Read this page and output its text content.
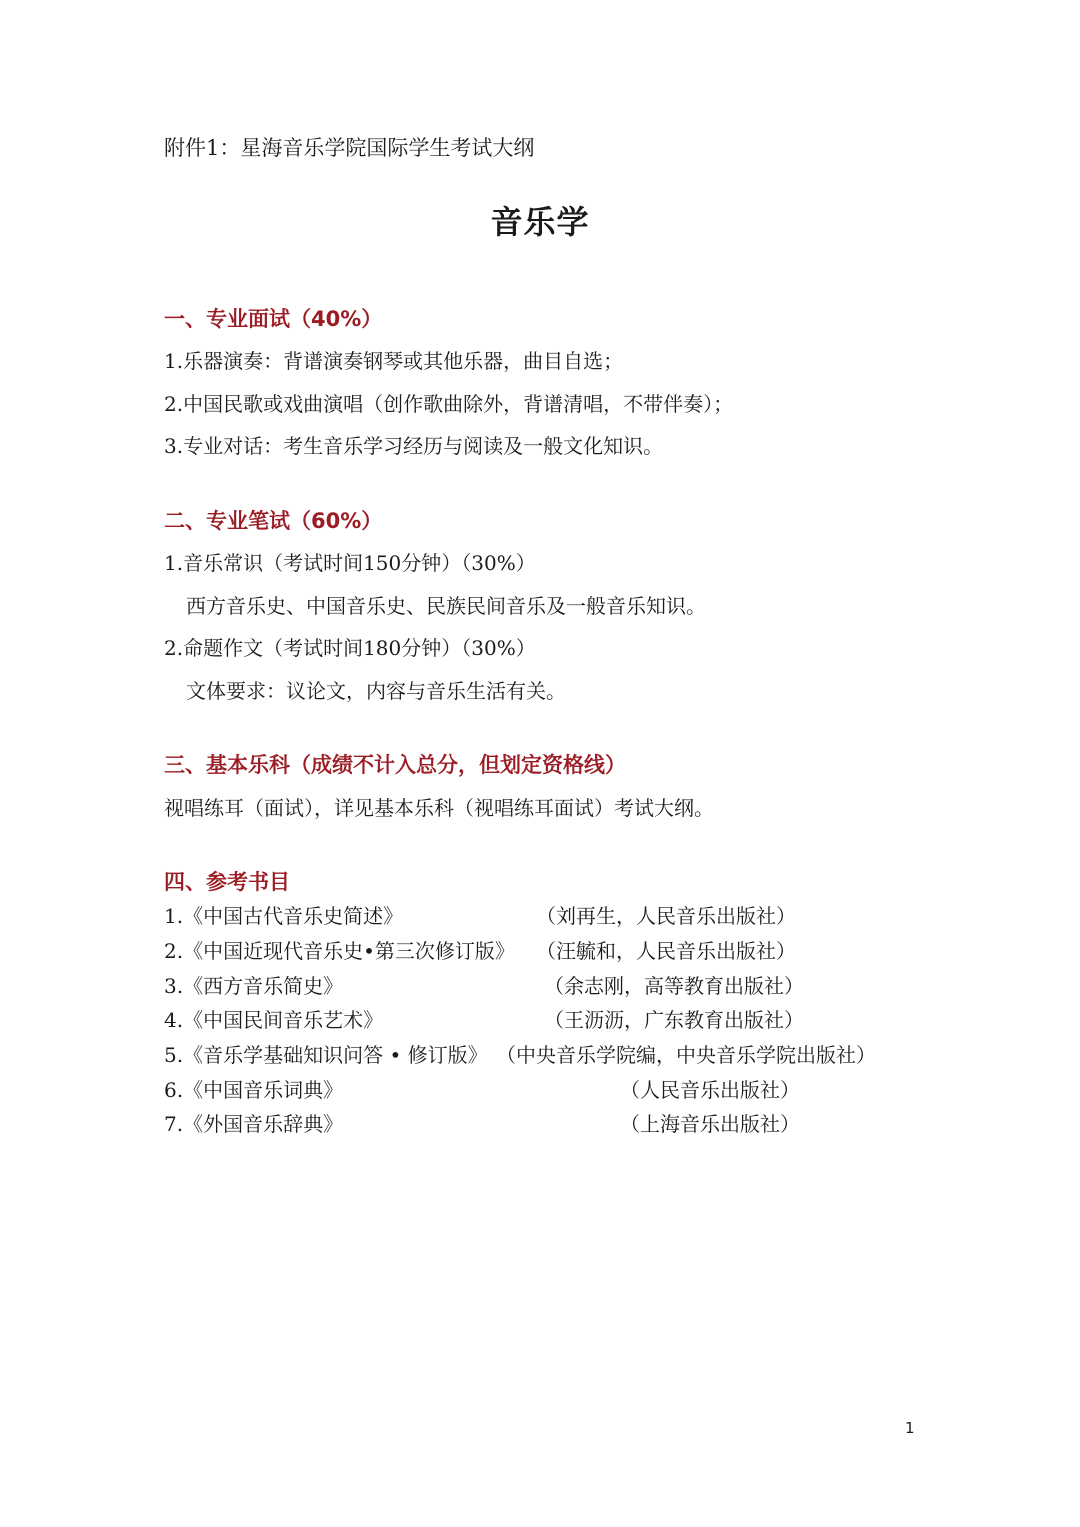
附件1：星海音乐学院国际学生考试大纲
音乐学
一、专业面试（40%）
1.乐器演奏：背谱演奏钢琴或其他乐器，曲目自选；
2.中国民歌或戏曲演唱（创作歌曲除外，背谱清唱，不带伴奏）；
3.专业对话：考生音乐学习经历与阅读及一般文化知识。
二、专业笔试（60%）
1.音乐常识（考试时间150分钟）（30%）
西方音乐史、中国音乐史、民族民间音乐及一般音乐知识。
2.命题作文（考试时间180分钟）（30%）
文体要求：议论文，内容与音乐生活有关。
三、基本乐科（成绩不计入总分，但划定资格线）
视唱练耳（面试），详见基本乐科（视唱练耳面试）考试大纲。
四、参考书目
1.《中国古代音乐史简述》	（刘再生，人民音乐出版社）
2.《中国近现代音乐史•第三次修订版》 （汪毓和，人民音乐出版社）
3.《西方音乐简史》	（余志刚，高等教育出版社）
4.《中国民间音乐艺术》	（王沥沥，广东教育出版社）
5.《音乐学基础知识问答 • 修订版》 （中央音乐学院编，中央音乐学院出版社）
6.《中国音乐词典》	（人民音乐出版社）
7.《外国音乐辞典》	（上海音乐出版社）
1
